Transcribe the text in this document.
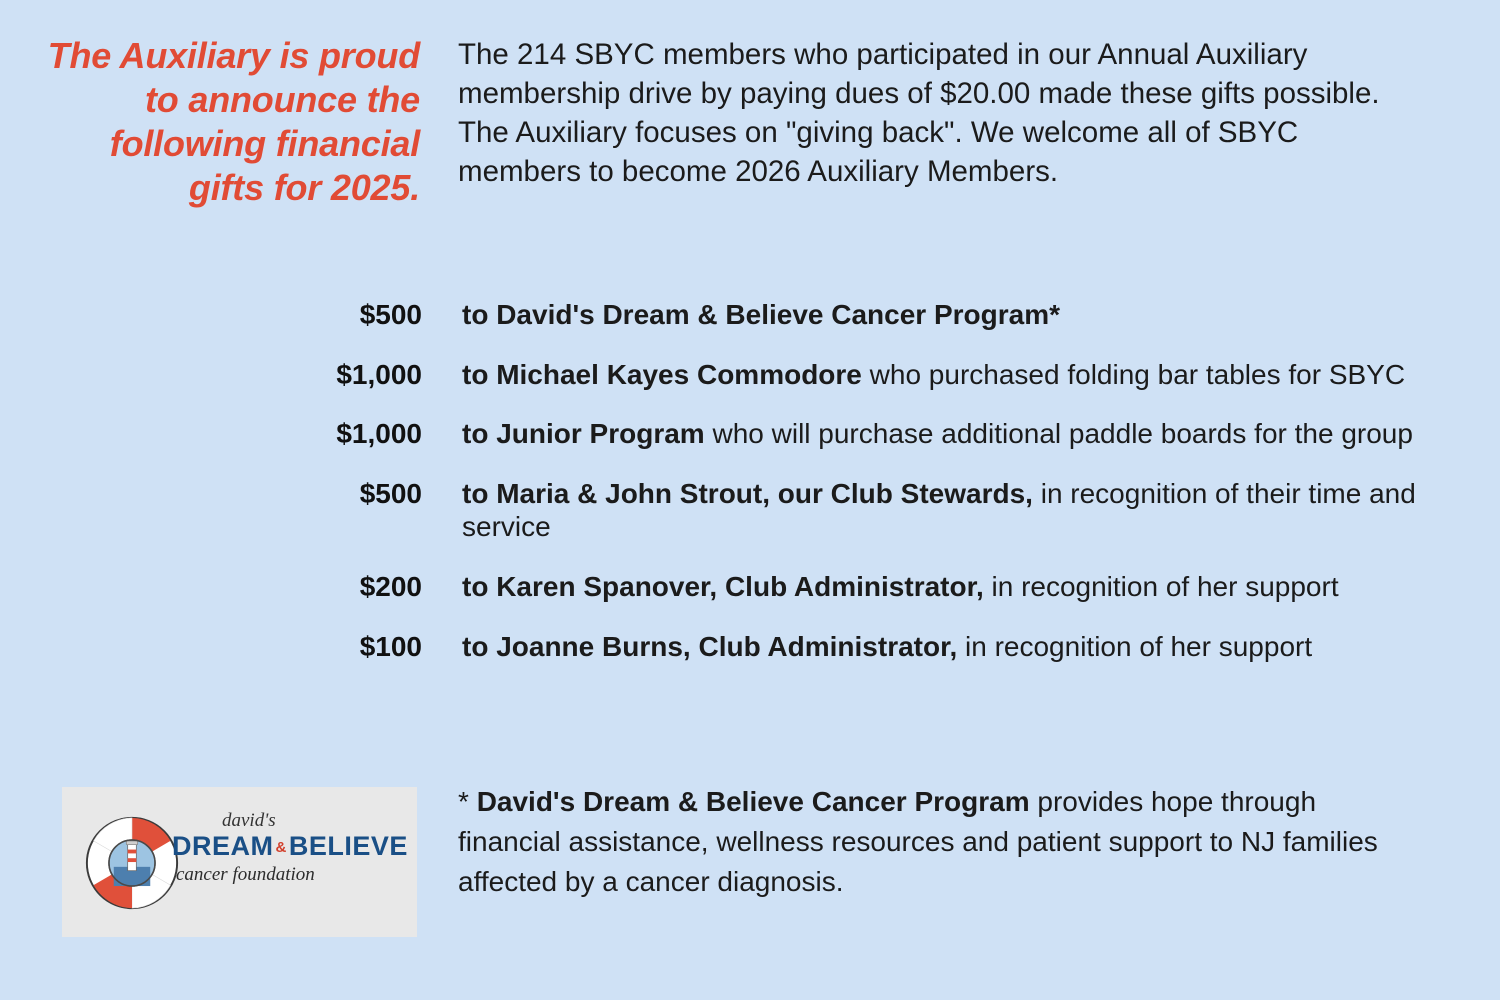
The Auxiliary is proud to announce the following financial gifts for 2025.
The 214 SBYC members who participated in our Annual Auxiliary membership drive by paying dues of $20.00 made these gifts possible. The Auxiliary focuses on "giving back". We welcome all of SBYC members to become 2026 Auxiliary Members.
$500	to David's Dream & Believe Cancer Program*
$1,000	to Michael Kayes Commodore who purchased folding bar tables for SBYC
$1,000	to Junior Program who will purchase additional paddle boards for the group
$500	to Maria & John Strout, our Club Stewards, in recognition of their time and service
$200	to Karen Spanover, Club Administrator, in recognition of her support
$100	to Joanne Burns, Club Administrator, in recognition of her support
* David's Dream & Believe Cancer Program provides hope through financial assistance, wellness resources and patient support to NJ families affected by a cancer diagnosis.
david's
DREAM &BELIEVE
cancer foundation
